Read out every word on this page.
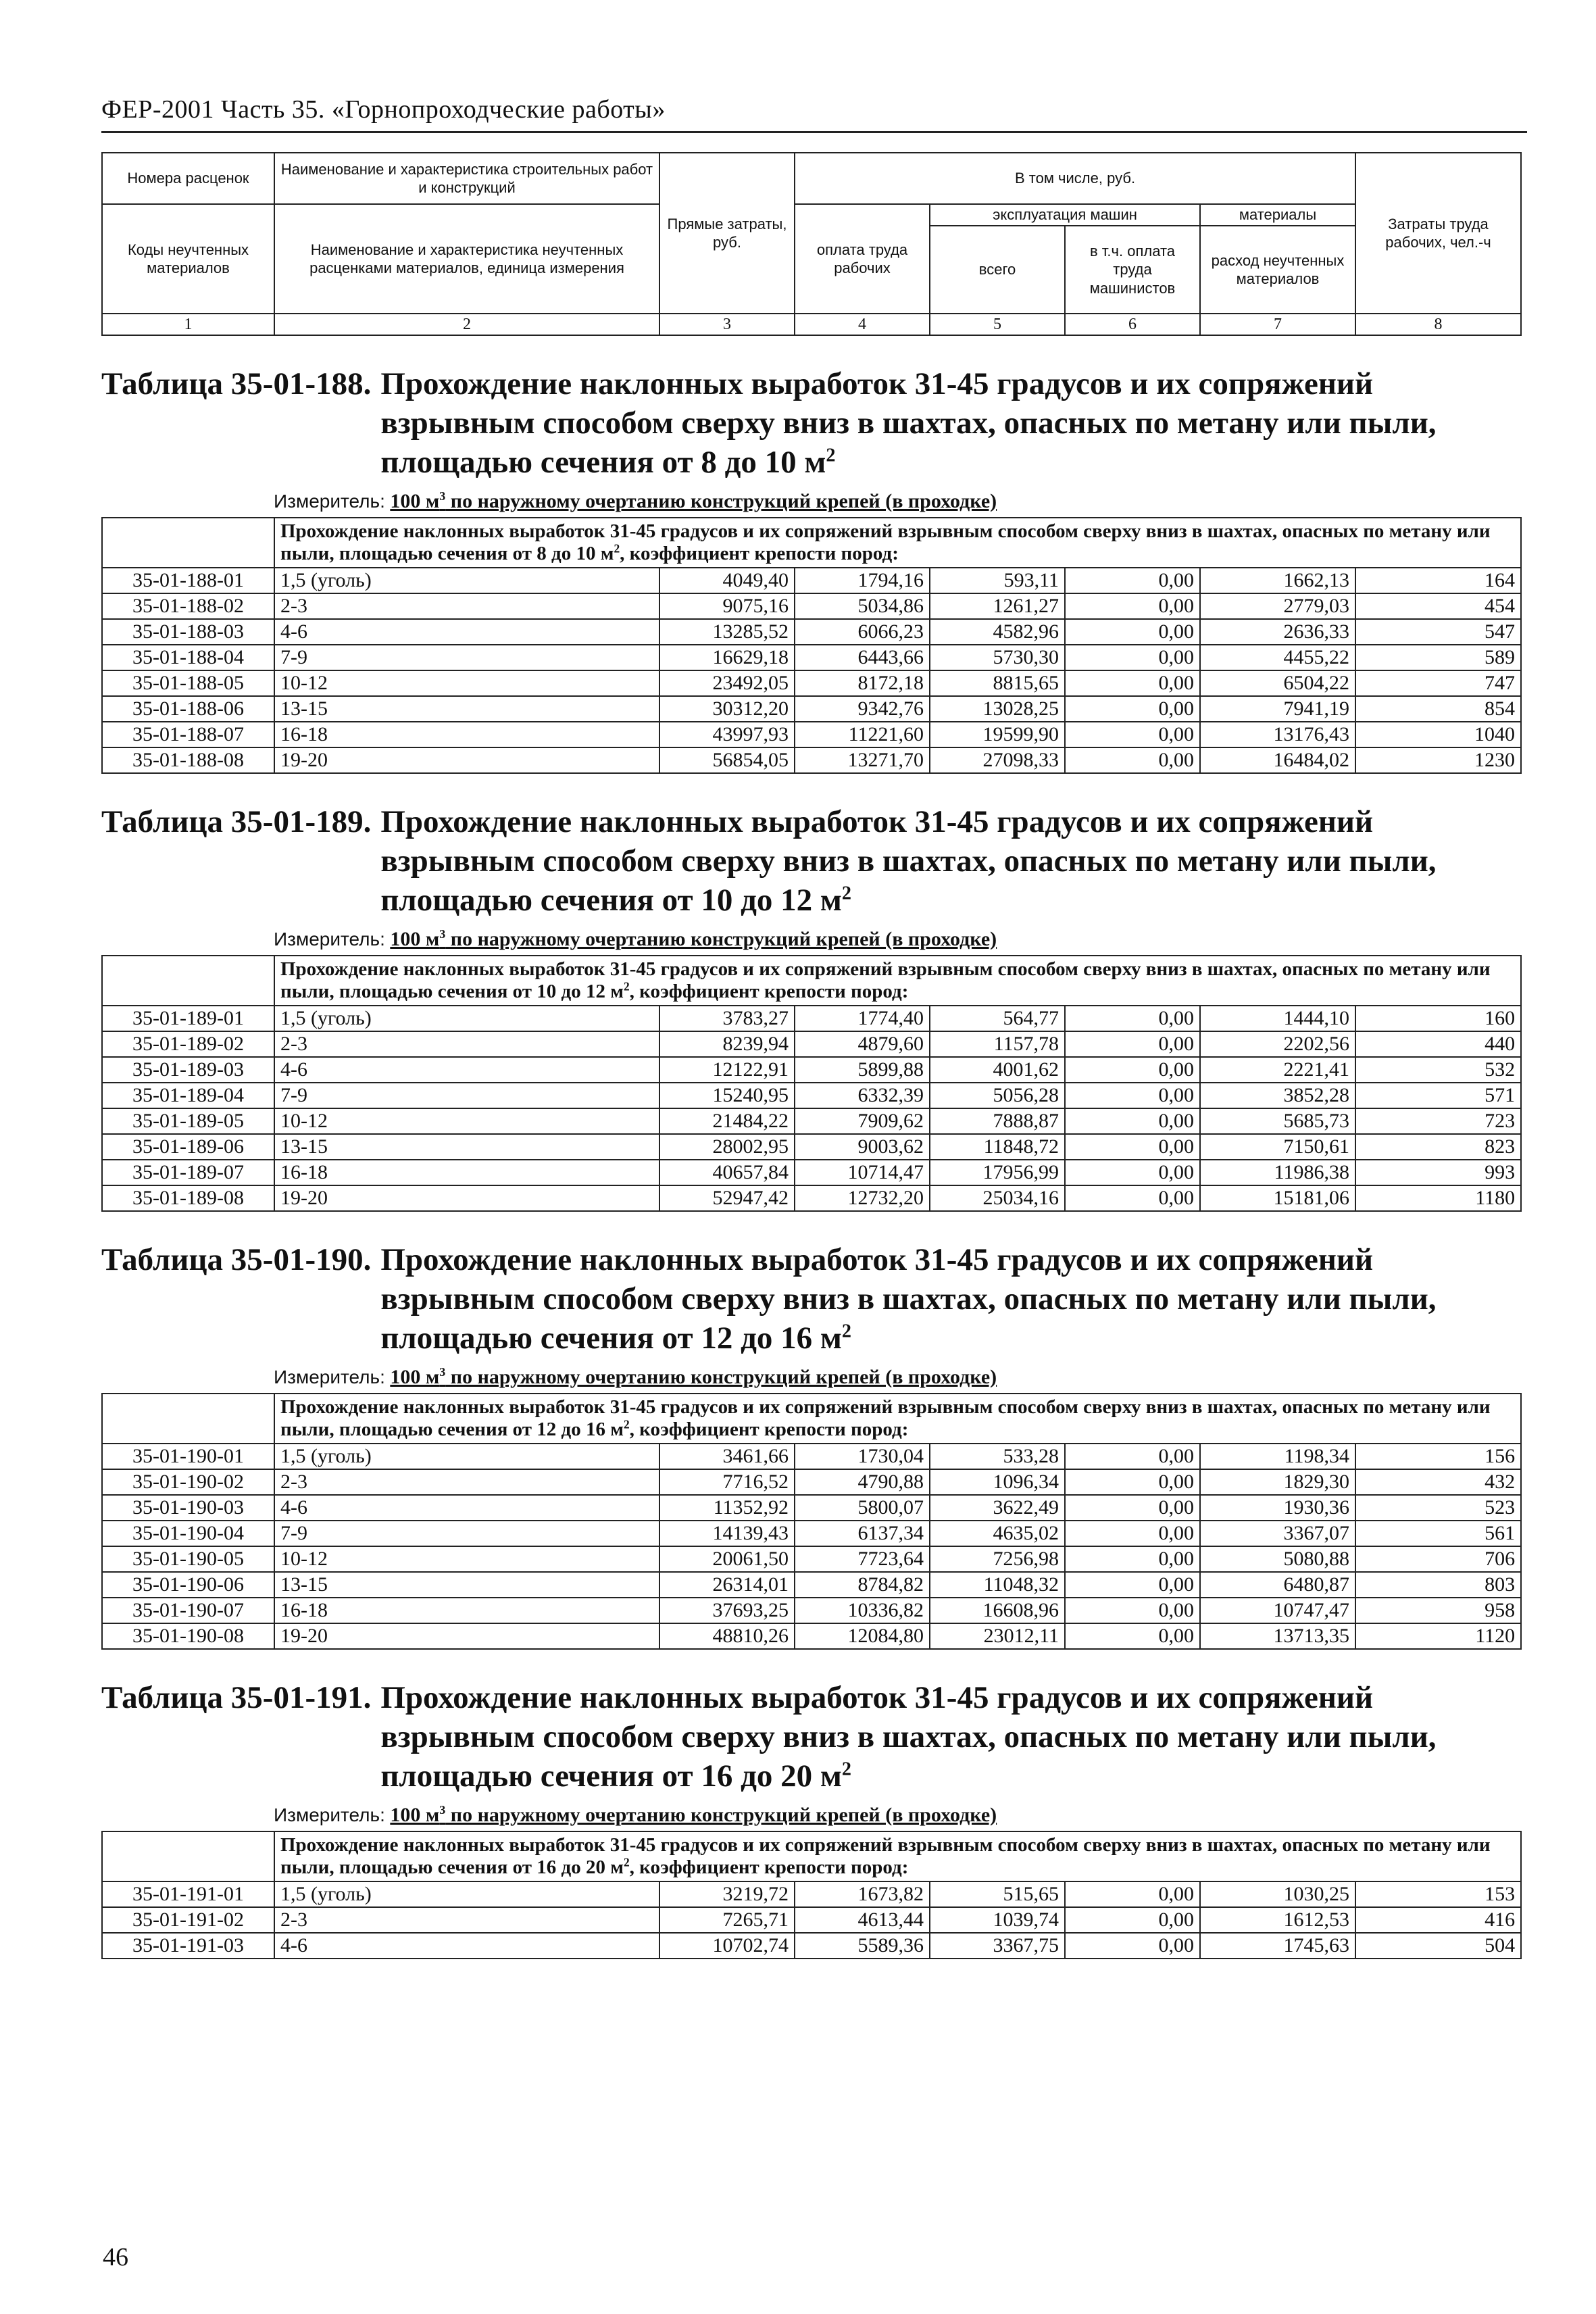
ФЕР-2001 Часть 35. «Горнопроходческие работы»
Номера расценок	Наименование и характеристика строительных работ и конструкций	Прямые затраты, руб.	В том числе, руб.				Затраты труда рабочих, чел.-ч
Коды неучтенных материалов	Наименование и характеристика неучтенных расценками материалов, единица измерения		оплата труда рабочих	эксплуатация машин		материалы	
				всего	в т.ч. оплата труда машинистов	расход неучтенных материалов	
1	2	3	4	5	6	7	8
Таблица 35-01-188. Прохождение наклонных выработок 31-45 градусов и их сопряжений взрывным способом сверху вниз в шахтах, опасных по метану или пыли, площадью сечения от 8 до 10 $м^2$
Измеритель: 100 $м^3$ по наружному очертанию конструкций крепей (в проходке)
	Прохождение наклонных выработок 31-45 градусов и их сопряжений взрывным способом сверху вниз в шахтах, опасных по метану или пыли, площадью сечения от 8 до 10 $м^2$, коэффициент крепости пород:						
35-01-188-01	1,5 (уголь)	4049,40	1794,16	593,11	0,00	1662,13	164
35-01-188-02	2-3	9075,16	5034,86	1261,27	0,00	2779,03	454
35-01-188-03	4-6	13285,52	6066,23	4582,96	0,00	2636,33	547
35-01-188-04	7-9	16629,18	6443,66	5730,30	0,00	4455,22	589
35-01-188-05	10-12	23492,05	8172,18	8815,65	0,00	6504,22	747
35-01-188-06	13-15	30312,20	9342,76	13028,25	0,00	7941,19	854
35-01-188-07	16-18	43997,93	11221,60	19599,90	0,00	13176,43	1040
35-01-188-08	19-20	56854,05	13271,70	27098,33	0,00	16484,02	1230
Таблица 35-01-189. Прохождение наклонных выработок 31-45 градусов и их сопряжений взрывным способом сверху вниз в шахтах, опасных по метану или пыли, площадью сечения от 10 до 12 $м^2$
Измеритель: 100 $м^3$ по наружному очертанию конструкций крепей (в проходке)
	Прохождение наклонных выработок 31-45 градусов и их сопряжений взрывным способом сверху вниз в шахтах, опасных по метану или пыли, площадью сечения от 10 до 12 $м^2$, коэффициент крепости пород:						
35-01-189-01	1,5 (уголь)	3783,27	1774,40	564,77	0,00	1444,10	160
35-01-189-02	2-3	8239,94	4879,60	1157,78	0,00	2202,56	440
35-01-189-03	4-6	12122,91	5899,88	4001,62	0,00	2221,41	532
35-01-189-04	7-9	15240,95	6332,39	5056,28	0,00	3852,28	571
35-01-189-05	10-12	21484,22	7909,62	7888,87	0,00	5685,73	723
35-01-189-06	13-15	28002,95	9003,62	11848,72	0,00	7150,61	823
35-01-189-07	16-18	40657,84	10714,47	17956,99	0,00	11986,38	993
35-01-189-08	19-20	52947,42	12732,20	25034,16	0,00	15181,06	1180
Таблица 35-01-190. Прохождение наклонных выработок 31-45 градусов и их сопряжений взрывным способом сверху вниз в шахтах, опасных по метану или пыли, площадью сечения от 12 до 16 $м^2$
Измеритель: 100 $м^3$ по наружному очертанию конструкций крепей (в проходке)
	Прохождение наклонных выработок 31-45 градусов и их сопряжений взрывным способом сверху вниз в шахтах, опасных по метану или пыли, площадью сечения от 12 до 16 $м^2$, коэффициент крепости пород:						
35-01-190-01	1,5 (уголь)	3461,66	1730,04	533,28	0,00	1198,34	156
35-01-190-02	2-3	7716,52	4790,88	1096,34	0,00	1829,30	432
35-01-190-03	4-6	11352,92	5800,07	3622,49	0,00	1930,36	523
35-01-190-04	7-9	14139,43	6137,34	4635,02	0,00	3367,07	561
35-01-190-05	10-12	20061,50	7723,64	7256,98	0,00	5080,88	706
35-01-190-06	13-15	26314,01	8784,82	11048,32	0,00	6480,87	803
35-01-190-07	16-18	37693,25	10336,82	16608,96	0,00	10747,47	958
35-01-190-08	19-20	48810,26	12084,80	23012,11	0,00	13713,35	1120
Таблица 35-01-191. Прохождение наклонных выработок 31-45 градусов и их сопряжений взрывным способом сверху вниз в шахтах, опасных по метану или пыли, площадью сечения от 16 до 20 $м^2$
Измеритель: 100 $м^3$ по наружному очертанию конструкций крепей (в проходке)
	Прохождение наклонных выработок 31-45 градусов и их сопряжений взрывным способом сверху вниз в шахтах, опасных по метану или пыли, площадью сечения от 16 до 20 $м^2$, коэффициент крепости пород:						
35-01-191-01	1,5 (уголь)	3219,72	1673,82	515,65	0,00	1030,25	153
35-01-191-02	2-3	7265,71	4613,44	1039,74	0,00	1612,53	416
35-01-191-03	4-6	10702,74	5589,36	3367,75	0,00	1745,63	504
46
